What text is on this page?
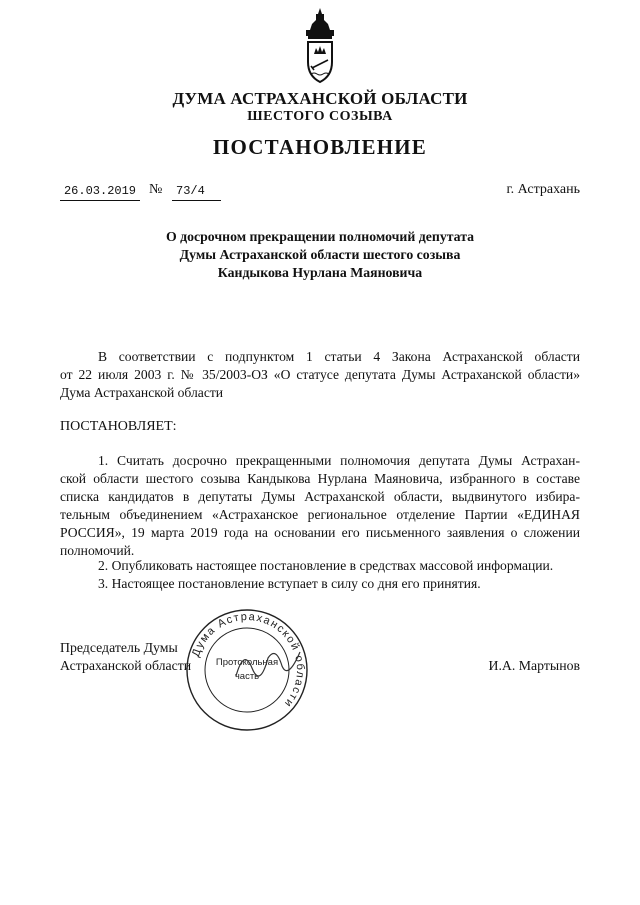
ДУМА АСТРАХАНСКОЙ ОБЛАСТИ
ШЕСТОГО СОЗЫВА
ПОСТАНОВЛЕНИЕ
26.03.2019 №	73/4	г. Астрахань
О досрочном прекращении полномочий депутата
Думы Астраханской области шестого созыва
Кандыкова Нурлана Маяновича
В соответствии с подпунктом 1 статьи 4 Закона Астраханской области
от 22 июля 2003 г. № 35/2003-ОЗ «О статусе депутата Думы Астраханской области»
Дума Астраханской области
ПОСТАНОВЛЯЕТ:
1. Считать досрочно прекращенными полномочия депутата Думы Астрахан-
ской области шестого созыва Кандыкова Нурлана Маяновича, избранного в составе
списка кандидатов в депутаты Думы Астраханской области, выдвинутого избира-
тельным объединением «Астраханское региональное отделение Партии «ЕДИНАЯ
РОССИЯ», 19 марта 2019 года на основании его письменного заявления о сложении
полномочий.
2. Опубликовать настоящее постановление в средствах массовой информации.
3. Настоящее постановление вступает в силу со дня его принятия.
Председатель Думы
Астраханской области	И.А. Мартынов
Дума Астраханской области
Протокольная
часть
